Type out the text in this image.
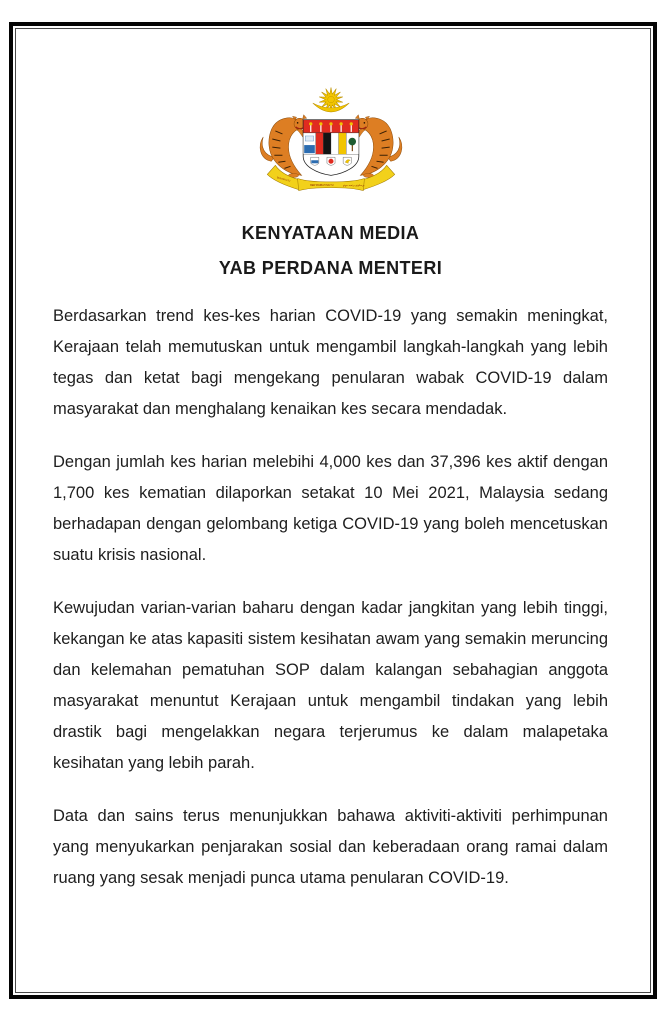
BERSEKUTU
BERTAMBAH MUTU برسكوتو برتمبه موتو
KENYATAAN MEDIA
YAB PERDANA MENTERI

Berdasarkan trend kes-kes harian COVID-19 yang semakin meningkat, Kerajaan telah memutuskan untuk mengambil langkah-langkah yang lebih tegas dan ketat bagi mengekang penularan wabak COVID-19 dalam masyarakat dan menghalang kenaikan kes secara mendadak.

Dengan jumlah kes harian melebihi 4,000 kes dan 37,396 kes aktif dengan 1,700 kes kematian dilaporkan setakat 10 Mei 2021, Malaysia sedang berhadapan dengan gelombang ketiga COVID-19 yang boleh mencetuskan suatu krisis nasional.

Kewujudan varian-varian baharu dengan kadar jangkitan yang lebih tinggi, kekangan ke atas kapasiti sistem kesihatan awam yang semakin meruncing dan kelemahan pematuhan SOP dalam kalangan sebahagian anggota masyarakat menuntut Kerajaan untuk mengambil tindakan yang lebih drastik bagi mengelakkan negara terjerumus ke dalam malapetaka kesihatan yang lebih parah.

Data dan sains terus menunjukkan bahawa aktiviti-aktiviti perhimpunan yang menyukarkan penjarakan sosial dan keberadaan orang ramai dalam ruang yang sesak menjadi punca utama penularan COVID-19.
